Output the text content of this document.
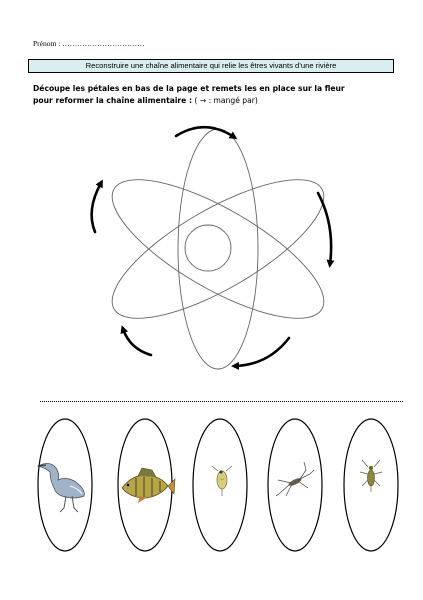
Prénom : ……………………………
Reconstruire une chaîne alimentaire qui relie les êtres vivants d’une rivière
Découpe les pétales en bas de la page et remets les en place sur la fleur
pour reformer la chaîne alimentaire : ( → : mangé par)
